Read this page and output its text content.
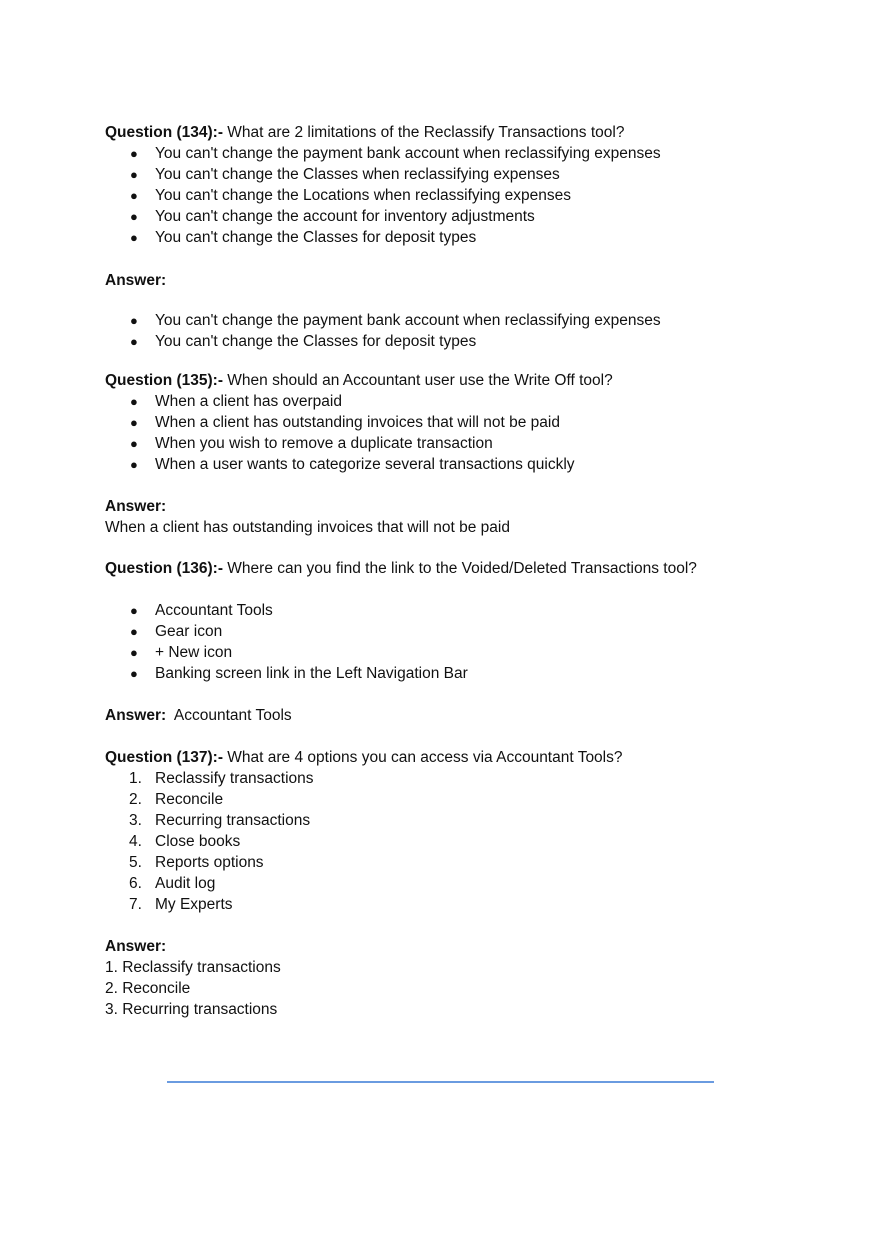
Question (134):- What are 2 limitations of the Reclassify Transactions tool?
● You can't change the payment bank account when reclassifying expenses
● You can't change the Classes when reclassifying expenses
● You can't change the Locations when reclassifying expenses
● You can't change the account for inventory adjustments
● You can't change the Classes for deposit types
Answer:
● You can't change the payment bank account when reclassifying expenses
● You can't change the Classes for deposit types
Question (135):- When should an Accountant user use the Write Off tool?
● When a client has overpaid
● When a client has outstanding invoices that will not be paid
● When you wish to remove a duplicate transaction
● When a user wants to categorize several transactions quickly
Answer:
When a client has outstanding invoices that will not be paid
Question (136):- Where can you find the link to the Voided/Deleted Transactions tool?
● Accountant Tools
● Gear icon
● + New icon
● Banking screen link in the Left Navigation Bar
Answer: Accountant Tools
Question (137):- What are 4 options you can access via Accountant Tools?
1. Reclassify transactions
2. Reconcile
3. Recurring transactions
4. Close books
5. Reports options
6. Audit log
7. My Experts
Answer:
1. Reclassify transactions
2. Reconcile
3. Recurring transactions
